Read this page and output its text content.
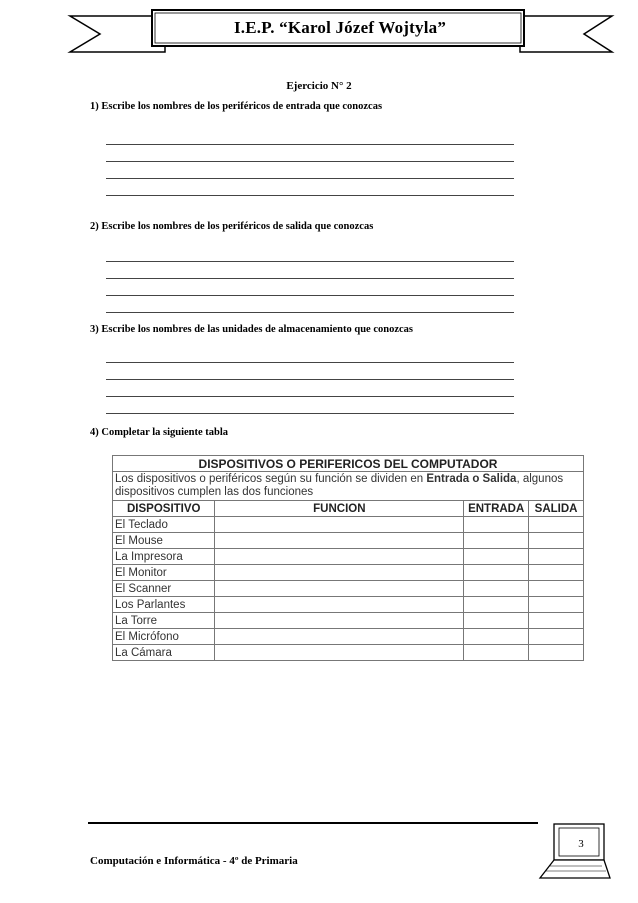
I.E.P. “Karol Józef Wojtyla”
Ejercicio N° 2
1) Escribe los nombres de los periféricos de entrada que conozcas
2) Escribe los nombres de los periféricos de salida que conozcas
3) Escribe los nombres de las unidades de almacenamiento que conozcas
4) Completar la siguiente tabla
DISPOSITIVOS O PERIFERICOS DEL COMPUTADOR			
Los dispositivos o periféricos según su función se dividen en Entrada o Salida, algunos dispositivos cumplen las dos funciones			
DISPOSITIVO	FUNCION	ENTRADA	SALIDA
El Teclado			
El Mouse			
La Impresora			
El Monitor			
El Scanner			
Los Parlantes			
La Torre			
El Micrófono			
La Cámara			
Computación e Informática - 4º de Primaria
3
